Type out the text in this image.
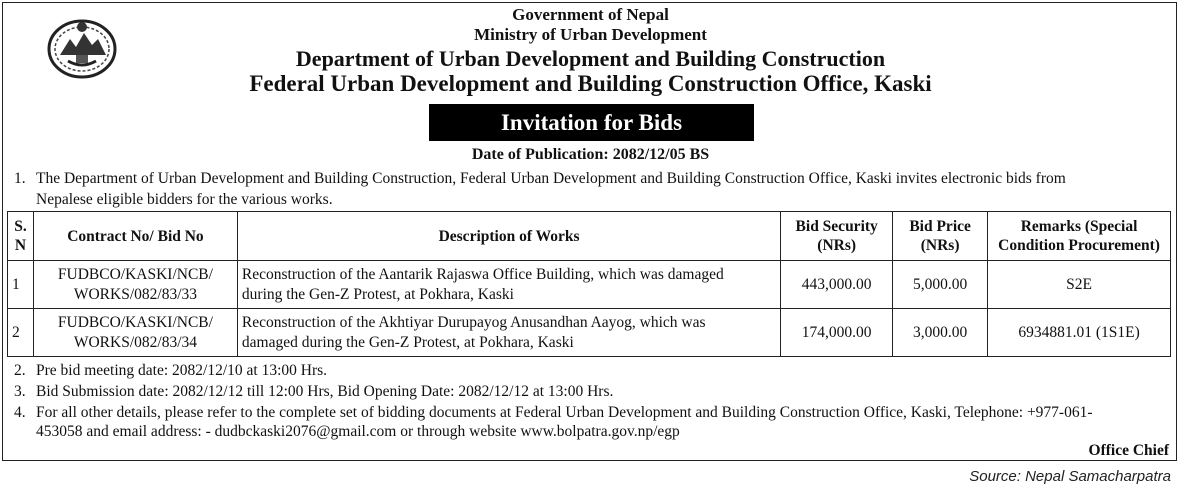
Government of Nepal
Ministry of Urban Development
Department of Urban Development and Building Construction
Federal Urban Development and Building Construction Office, Kaski
Invitation for Bids
Date of Publication: 2082/12/05 BS
1. The Department of Urban Development and Building Construction, Federal Urban Development and Building Construction Office, Kaski invites electronic bids from
Nepalese eligible bidders for the various works.
S.
N	Contract No/ Bid No	Description of Works	Bid Security
(NRs)	Bid Price
(NRs)	Remarks (Special
Condition Procurement)
1	FUDBCO/KASKI/NCB/
WORKS/082/83/33	Reconstruction of the Aantarik Rajaswa Office Building, which was damaged
during the Gen-Z Protest, at Pokhara, Kaski	443,000.00	5,000.00	S2E
2	FUDBCO/KASKI/NCB/
WORKS/082/83/34	Reconstruction of the Akhtiyar Durupayog Anusandhan Aayog, which was
damaged during the Gen-Z Protest, at Pokhara, Kaski	174,000.00	3,000.00	6934881.01 (1S1E)
2. Pre bid meeting date: 2082/12/10 at 13:00 Hrs.
3. Bid Submission date: 2082/12/12 till 12:00 Hrs, Bid Opening Date: 2082/12/12 at 13:00 Hrs.
4. For all other details, please refer to the complete set of bidding documents at Federal Urban Development and Building Construction Office, Kaski, Telephone: +977-061-
453058 and email address: - dudbckaski2076@gmail.com or through website www.bolpatra.gov.np/egp
Office Chief
Source: Nepal Samacharpatra
